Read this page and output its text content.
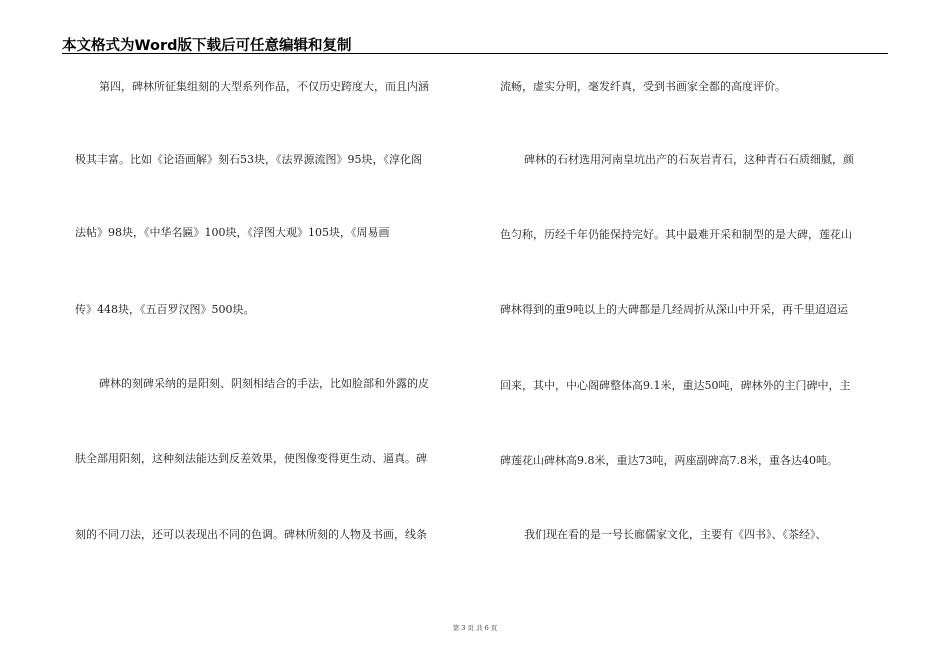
本文格式为Word版下载后可任意编辑和复制
第四，碑林所征集组刻的大型系列作品，不仅历史跨度大，而且内涵
极其丰富。比如《论语画解》刻石53块，《法界源流图》95块，《淳化阁
法帖》98块，《中华名匾》100块，《浮图大观》105块，《周易画
传》448块，《五百罗汉图》500块。
碑林的刻碑采纳的是阳刻、阴刻相结合的手法，比如脸部和外露的皮
肤全部用阳刻，这种刻法能达到反差效果，使图像变得更生动、逼真。碑
刻的不同刀法，还可以表现出不同的色调。碑林所刻的人物及书画，线条
流畅，虚实分明，毫发纤真，受到书画家全都的高度评价。
碑林的石材选用河南皇坑出产的石灰岩青石，这种青石石质细腻，颜
色匀称，历经千年仍能保持完好。其中最难开采和制型的是大碑，莲花山
碑林得到的重9吨以上的大碑都是几经周折从深山中开采，再千里迢迢运
回来，其中，中心阁碑整体高9.1米，重达50吨，碑林外的主门碑中，主
碑莲花山碑林高9.8米，重达73吨，两座副碑高7.8米，重各达40吨。
我们现在看的是一号长廊儒家文化，主要有《四书》、《茶经》、
第 3 页 共 6 页
